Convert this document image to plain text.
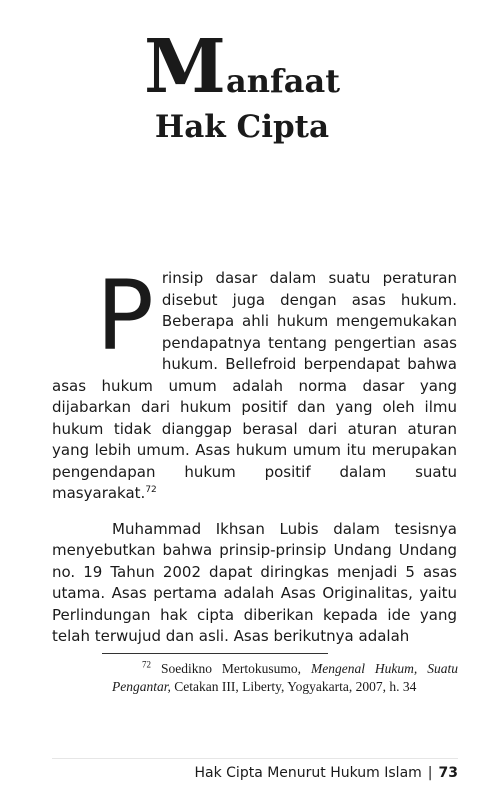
Manfaat
Hak Cipta

Prinsip dasar dalam suatu peraturan disebut juga dengan asas hukum. Beberapa ahli hukum mengemukakan pendapatnya tentang pengertian asas hukum. Bellefroid berpendapat bahwa asas hukum umum adalah norma dasar yang dijabarkan dari hukum positif dan yang oleh ilmu hukum tidak dianggap berasal dari aturan aturan yang lebih umum. Asas hukum umum itu merupakan pengendapan hukum positif dalam suatu masyarakat.$^{72}$

Muhammad Ikhsan Lubis dalam tesisnya menyebutkan bahwa prinsip-prinsip Undang Undang no. 19 Tahun 2002 dapat diringkas menjadi 5 asas utama. Asas pertama adalah Asas Originalitas, yaitu Perlindungan hak cipta diberikan kepada ide yang telah terwujud dan asli. Asas berikutnya adalah

$^{72}$ Soedikno Mertokusumo, Mengenal Hukum, Suatu Pengantar, Cetakan III, Liberty, Yogyakarta, 2007, h. 34
Hak Cipta Menurut Hukum Islam | 73
